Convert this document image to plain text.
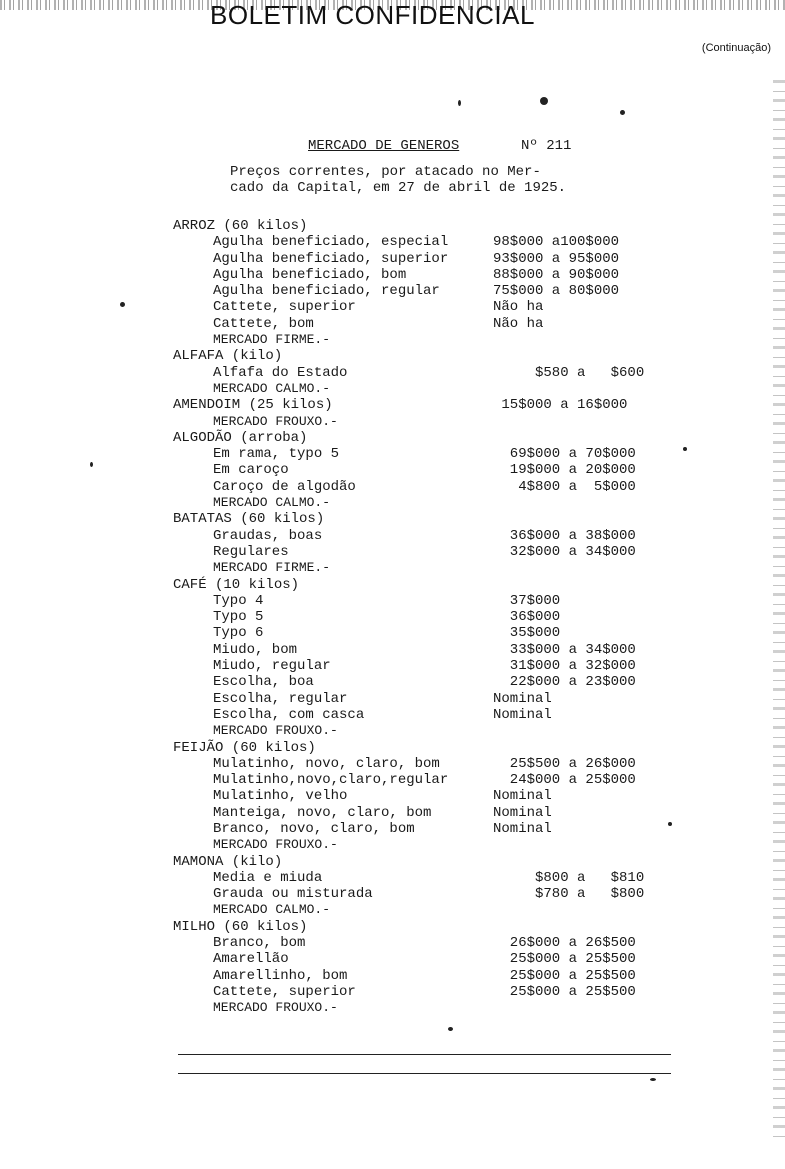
BOLETIM CONFIDENCIAL
(Continuação)
MERCADO DE GENEROS	Nº 211
Preços correntes, por atacado no Mer-
cado da Capital, em 27 de abril de 1925.
ARROZ (60 kilos)
Agulha beneficiado, especial	98$000 a100$000
Agulha beneficiado, superior	93$000 a 95$000
Agulha beneficiado, bom	88$000 a 90$000
Agulha beneficiado, regular	75$000 a 80$000
Cattete, superior	Não ha
Cattete, bom	Não ha
MERCADO FIRME.-
ALFAFA (kilo)
Alfafa do Estado	$580 a   $600
MERCADO CALMO.-
AMENDOIM (25 kilos)	15$000 a 16$000
MERCADO FROUXO.-
ALGODÃO (arroba)
Em rama, typo 5	69$000 a 70$000
Em caroço	19$000 a 20$000
Caroço de algodão	4$800 a  5$000
MERCADO CALMO.-
BATATAS (60 kilos)
Graudas, boas	36$000 a 38$000
Regulares	32$000 a 34$000
MERCADO FIRME.-
CAFÉ (10 kilos)
Typo 4	37$000
Typo 5	36$000
Typo 6	35$000
Miudo, bom	33$000 a 34$000
Miudo, regular	31$000 a 32$000
Escolha, boa	22$000 a 23$000
Escolha, regular	Nominal
Escolha, com casca	Nominal
MERCADO FROUXO.-
FEIJÃO (60 kilos)
Mulatinho, novo, claro, bom	25$500 a 26$000
Mulatinho,novo,claro,regular	24$000 a 25$000
Mulatinho, velho	Nominal
Manteiga, novo, claro, bom	Nominal
Branco, novo, claro, bom	Nominal
MERCADO FROUXO.-
MAMONA (kilo)
Media e miuda	$800 a   $810
Grauda ou misturada	$780 a   $800
MERCADO CALMO.-
MILHO (60 kilos)
Branco, bom	26$000 a 26$500
Amarellão	25$000 a 25$500
Amarellinho, bom	25$000 a 25$500
Cattete, superior	25$000 a 25$500
MERCADO FROUXO.-
